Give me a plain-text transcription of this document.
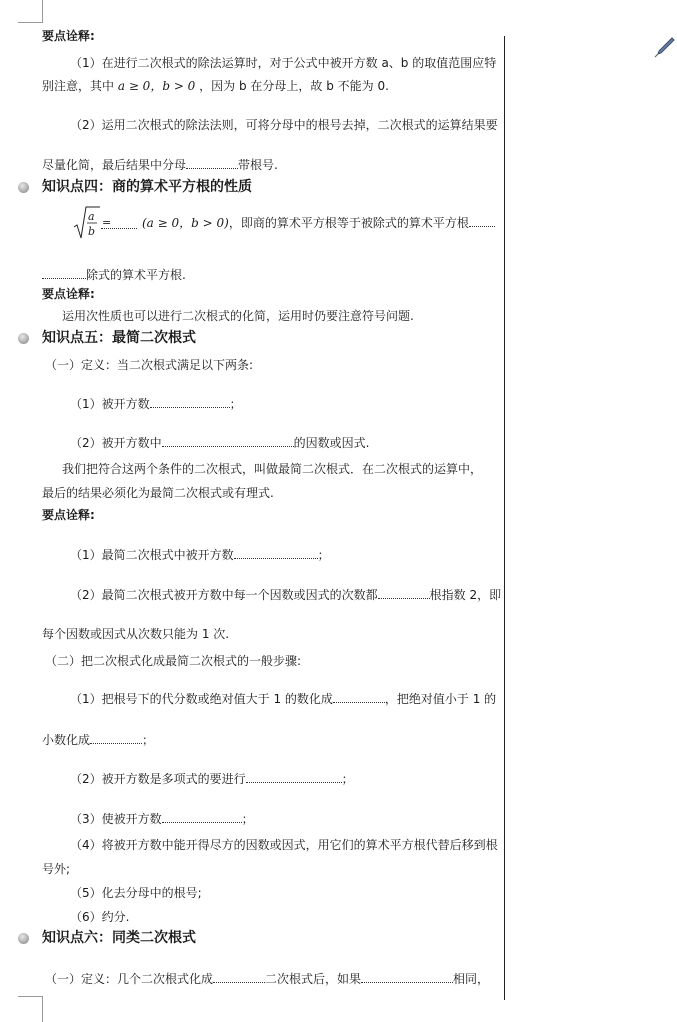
要点诠释:
（1）在进行二次根式的除法运算时，对于公式中被开方数 a、b 的取值范围应特
别注意，其中 a ≥ 0，b > 0 ，因为 b 在分母上，故 b 不能为 0.
（2）运用二次根式的除法法则，可将分母中的根号去掉，二次根式的运算结果要
尽量化简，最后结果中分母	带根号.
知识点四：商的算术平方根的性质
a
b
=	(a ≥ 0，b > 0)，即商的算术平方根等于被除式的算术平方根
除式的算术平方根.
要点诠释:
运用次性质也可以进行二次根式的化简，运用时仍要注意符号问题.
知识点五：最简二次根式
（一）定义：当二次根式满足以下两条:
（1）被开方数	；
（2）被开方数中	的因数或因式.
我们把符合这两个条件的二次根式，叫做最简二次根式．在二次根式的运算中，
最后的结果必须化为最简二次根式或有理式.
要点诠释:
（1）最简二次根式中被开方数	；
（2）最简二次根式被开方数中每一个因数或因式的次数都	根指数 2，即
每个因数或因式从次数只能为 1 次.
（二）把二次根式化成最简二次根式的一般步骤:
（1）把根号下的代分数或绝对值大于 1 的数化成	，把绝对值小于 1 的
小数化成	；
（2）被开方数是多项式的要进行	；
（3）使被开方数	；
（4）将被开方数中能开得尽方的因数或因式，用它们的算术平方根代替后移到根
号外;
（5）化去分母中的根号;
（6）约分.
知识点六：同类二次根式
（一）定义：几个二次根式化成	二次根式后，如果	相同，
